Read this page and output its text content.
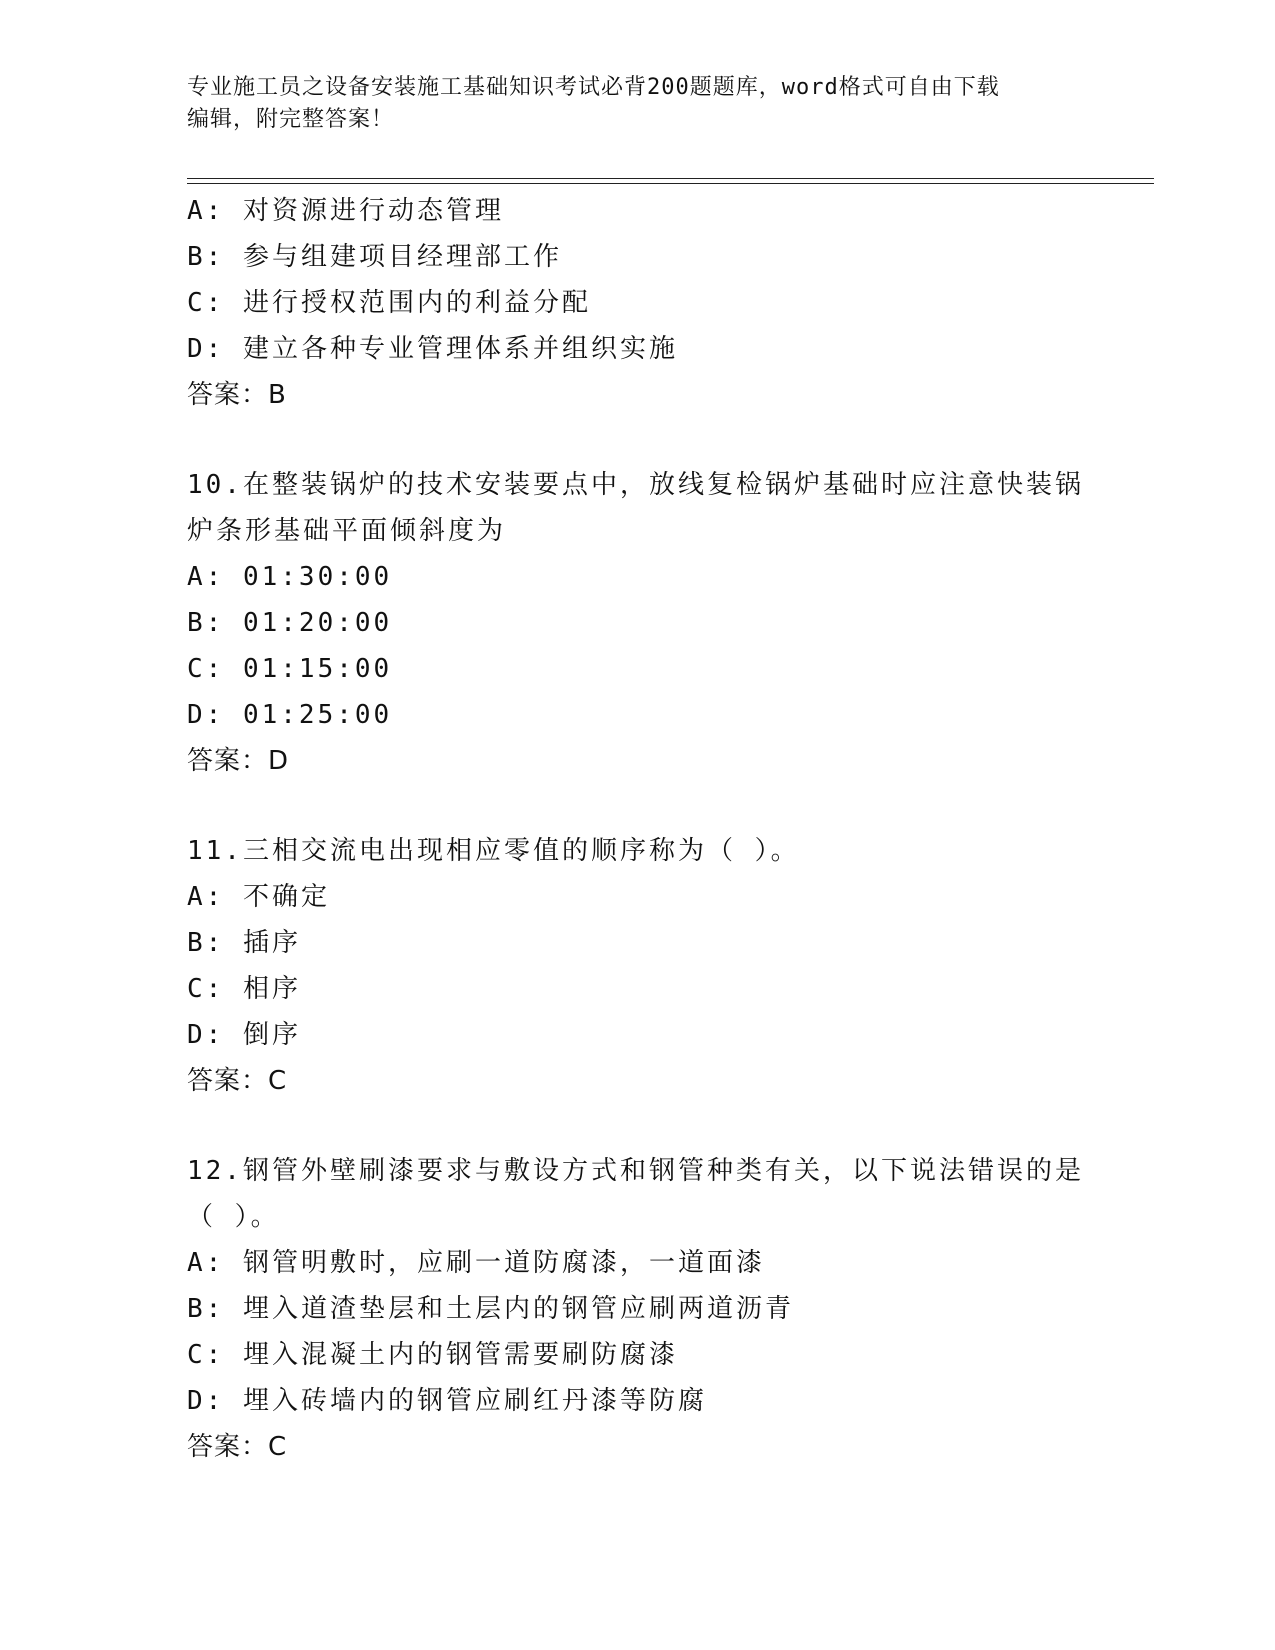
专业施工员之设备安装施工基础知识考试必背200题题库，word格式可自由下载
编辑，附完整答案！
A: 对资源进行动态管理
B: 参与组建项目经理部工作
C: 进行授权范围内的利益分配
D: 建立各种专业管理体系并组织实施
答案：B
10.在整装锅炉的技术安装要点中，放线复检锅炉基础时应注意快装锅
炉条形基础平面倾斜度为
A: 01:30:00
B: 01:20:00
C: 01:15:00
D: 01:25:00
答案：D
11.三相交流电出现相应零值的顺序称为（ ）。
A: 不确定
B: 插序
C: 相序
D: 倒序
答案：C
12.钢管外壁刷漆要求与敷设方式和钢管种类有关，以下说法错误的是
（ ）。
A: 钢管明敷时，应刷一道防腐漆，一道面漆
B: 埋入道渣垫层和土层内的钢管应刷两道沥青
C: 埋入混凝土内的钢管需要刷防腐漆
D: 埋入砖墙内的钢管应刷红丹漆等防腐
答案：C
